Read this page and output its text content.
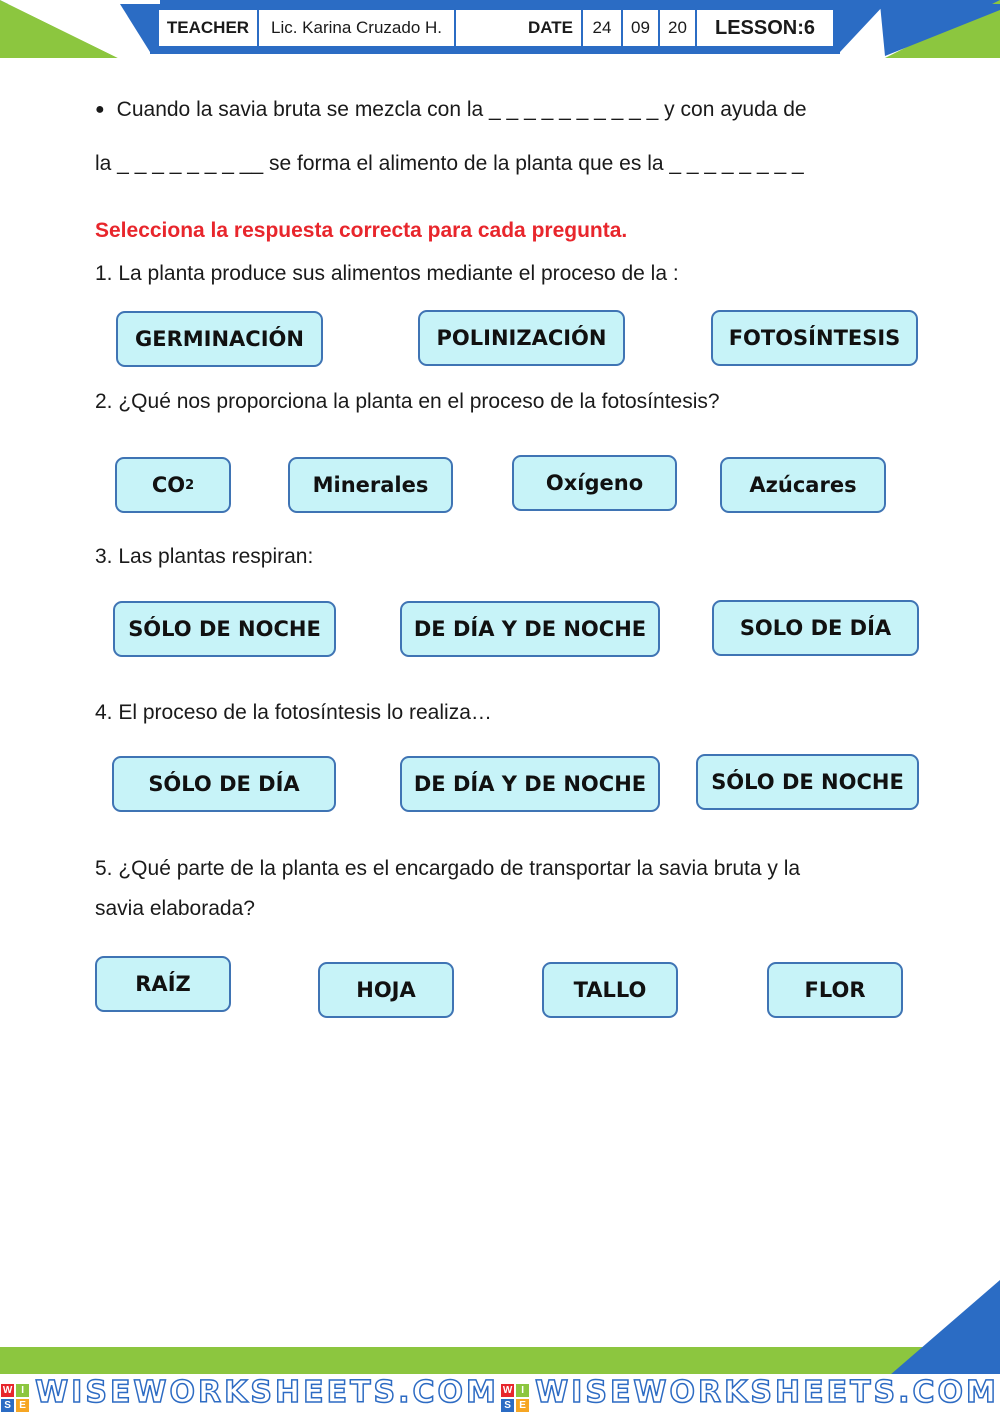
TEACHER	Lic. Karina Cruzado H.	DATE	24	09	20	LESSON:6
● Cuando la savia bruta se mezcla con la _ _ _ _ _ _ _ _ _ _ y con ayuda de
la _ _ _ _ _ _ _ __ se forma el alimento de la planta que es la _ _ _ _ _ _ _ _
Selecciona la respuesta correcta para cada pregunta.
1. La planta produce sus alimentos mediante el proceso de la :
GERMINACIÓN	POLINIZACIÓN	FOTOSÍNTESIS
2. ¿Qué nos proporciona la planta en el proceso de la fotosíntesis?
CO 2	Minerales	Oxígeno	Azúcares
3. Las plantas respiran:
SÓLO DE NOCHE	DE DÍA Y DE NOCHE	SOLO DE DÍA
4. El proceso de la fotosíntesis lo realiza…
SÓLO DE DÍA	DE DÍA Y DE NOCHE	SÓLO DE NOCHE
5. ¿Qué parte de la planta es el encargado de transportar la savia bruta y la
savia elaborada?
RAÍZ	HOJA	TALLO	FLOR
W I
S E WISEWORKSHEETS.COM W I
S E WISEWORKSHEETS.COM
